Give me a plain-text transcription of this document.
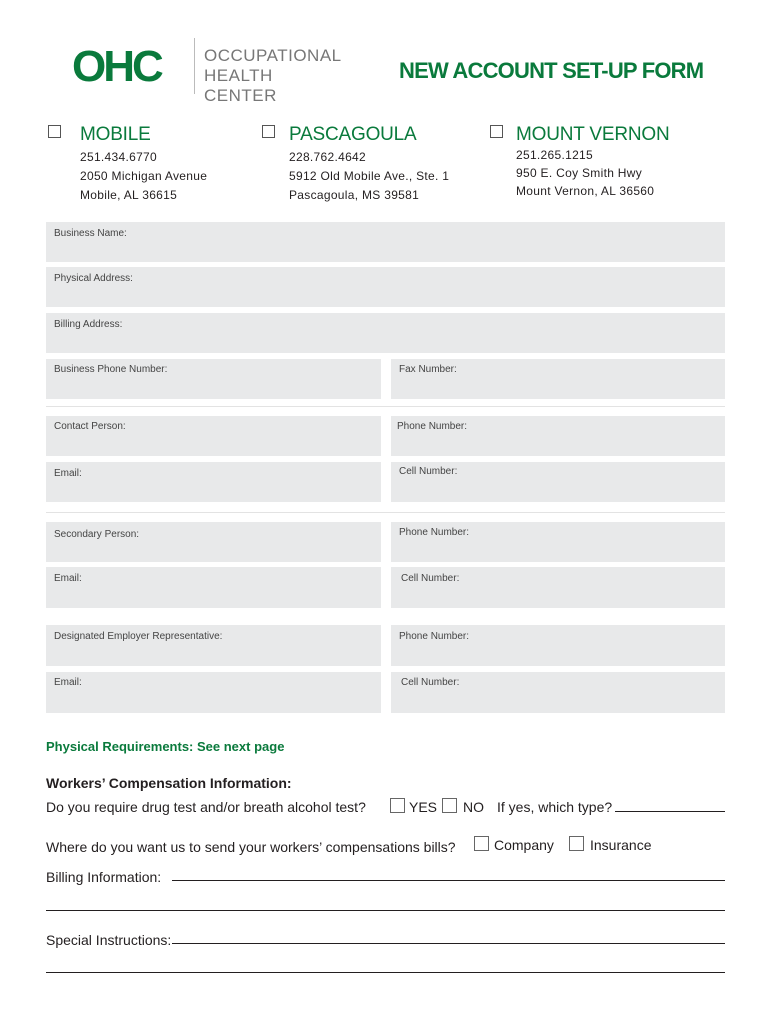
OHC	OCCUPATIONAL
HEALTH CENTER
NEW ACCOUNT SET-UP FORM
MOBILE
251.434.6770
2050 Michigan Avenue
Mobile, AL 36615
PASCAGOULA
228.762.4642
5912 Old Mobile Ave., Ste. 1
Pascagoula, MS 39581
MOUNT VERNON
251.265.1215
950 E. Coy Smith Hwy
Mount Vernon, AL 36560
Business Name:
Physical Address:
Billing Address:
Business Phone Number:	Fax Number:
Contact Person:	Phone Number:
Email:	Cell Number:
Secondary Person:	Phone Number:
Email:	Cell Number:
Designated Employer Representative:	Phone Number:
Email:	Cell Number:
Physical Requirements: See next page
Workers’ Compensation Information:
Do you require drug test and/or breath alcohol test?	YES NO If yes, which type?
Where do you want us to send your workers’ compensations bills?	Company	Insurance
Billing Information:
Special Instructions:
